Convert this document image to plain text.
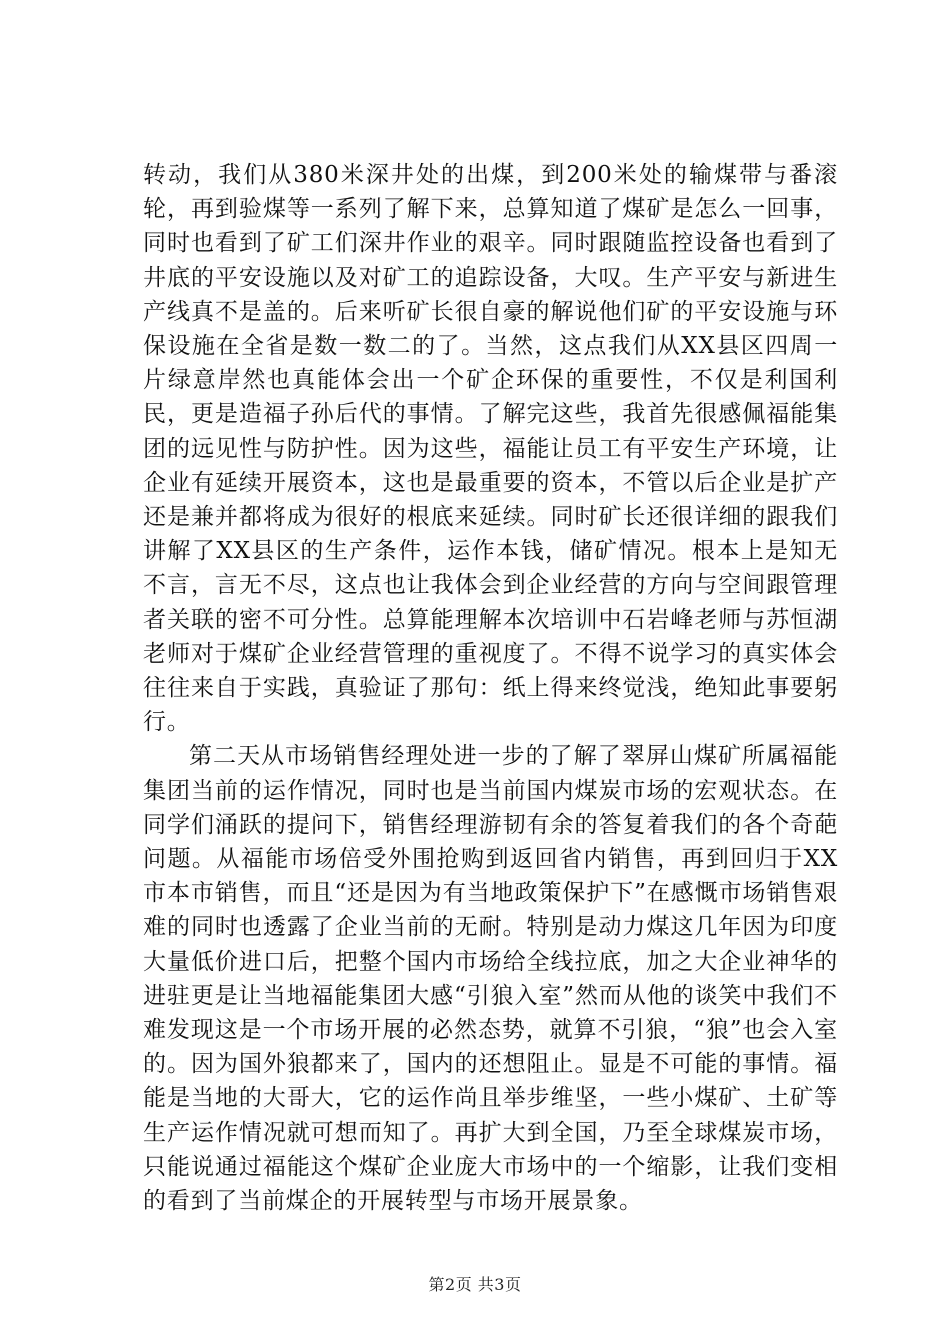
转动，我们从380米深井处的出煤，到200米处的输煤带与番滚轮，再到验煤等一系列了解下来，总算知道了煤矿是怎么一回事，同时也看到了矿工们深井作业的艰辛。同时跟随监控设备也看到了井底的平安设施以及对矿工的追踪设备，大叹。生产平安与新进生产线真不是盖的。后来听矿长很自豪的解说他们矿的平安设施与环保设施在全省是数一数二的了。当然，这点我们从XX县区四周一片绿意岸然也真能体会出一个矿企环保的重要性，不仅是利国利民，更是造福子孙后代的事情。了解完这些，我首先很感佩福能集团的远见性与防护性。因为这些，福能让员工有平安生产环境，让企业有延续开展资本，这也是最重要的资本，不管以后企业是扩产还是兼并都将成为很好的根底来延续。同时矿长还很详细的跟我们讲解了XX县区的生产条件，运作本钱，储矿情况。根本上是知无不言，言无不尽，这点也让我体会到企业经营的方向与空间跟管理者关联的密不可分性。总算能理解本次培训中石岩峰老师与苏恒湖老师对于煤矿企业经营管理的重视度了。不得不说学习的真实体会往往来自于实践，真验证了那句：纸上得来终觉浅，绝知此事要躬行。

第二天从市场销售经理处进一步的了解了翠屏山煤矿所属福能集团当前的运作情况，同时也是当前国内煤炭市场的宏观状态。在同学们涌跃的提问下，销售经理游韧有余的答复着我们的各个奇葩问题。从福能市场倍受外围抢购到返回省内销售，再到回归于XX市本市销售，而且“还是因为有当地政策保护下”在感慨市场销售艰难的同时也透露了企业当前的无耐。特别是动力煤这几年因为印度大量低价进口后，把整个国内市场给全线拉底，加之大企业神华的进驻更是让当地福能集团大感“引狼入室”然而从他的谈笑中我们不难发现这是一个市场开展的必然态势，就算不引狼，“狼”也会入室的。因为国外狼都来了，国内的还想阻止。显是不可能的事情。福能是当地的大哥大，它的运作尚且举步维坚，一些小煤矿、土矿等生产运作情况就可想而知了。再扩大到全国，乃至全球煤炭市场，只能说通过福能这个煤矿企业庞大市场中的一个缩影，让我们变相的看到了当前煤企的开展转型与市场开展景象。

第2页 共3页
